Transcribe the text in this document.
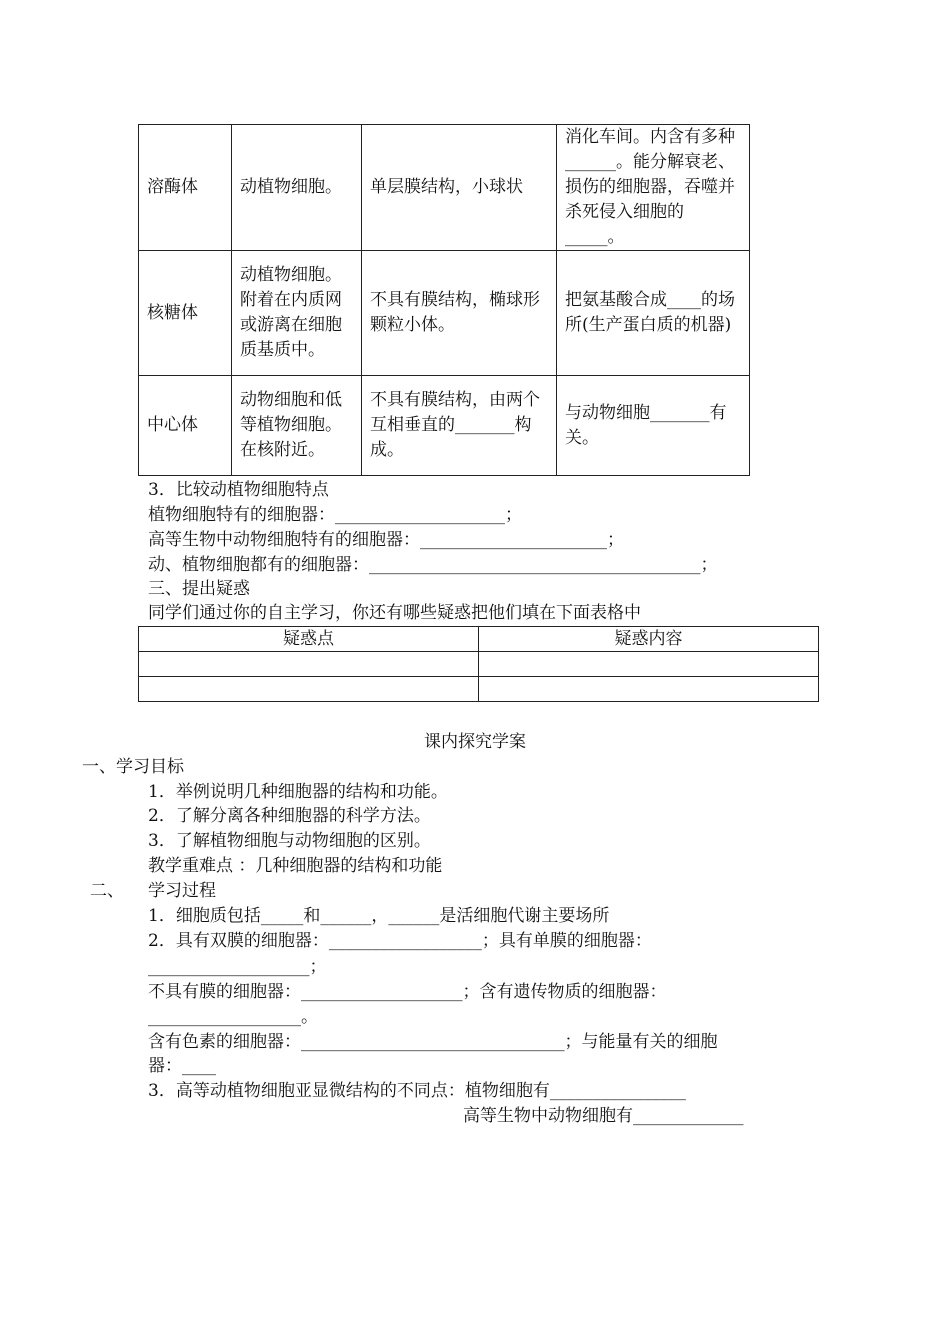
溶酶体	动植物细胞。	单层膜结构，小球状	消化车间。内含有多种______。能分解衰老、损伤的细胞器，吞噬并杀死侵入细胞的_____。
核糖体	动植物细胞。附着在内质网或游离在细胞质基质中。	不具有膜结构，椭球形颗粒小体。	把氨基酸合成____的场所(生产蛋白质的机器)
中心体	动物细胞和低等植物细胞。在核附近。	不具有膜结构，由两个互相垂直的_______构成。	与动物细胞_______有关。
3．比较动植物细胞特点
植物细胞特有的细胞器：____________________；
高等生物中动物细胞特有的细胞器：______________________；
动、植物细胞都有的细胞器：_______________________________________；
三、提出疑惑
同学们通过你的自主学习，你还有哪些疑惑把他们填在下面表格中
疑惑点	疑惑内容

课内探究学案
一、学习目标
1．举例说明几种细胞器的结构和功能。
2．了解分离各种细胞器的科学方法。
3．了解植物细胞与动物细胞的区别。
教学重难点 ：几种细胞器的结构和功能
二、 学习过程
1．细胞质包括_____和______，______是活细胞代谢主要场所
2．具有双膜的细胞器：__________________；具有单膜的细胞器：
___________________；
不具有膜的细胞器：___________________；含有遗传物质的细胞器：
__________________。
含有色素的细胞器：_______________________________；与能量有关的细胞
器：____
3．高等动植物细胞亚显微结构的不同点：植物细胞有________________
高等生物中动物细胞有_____________
